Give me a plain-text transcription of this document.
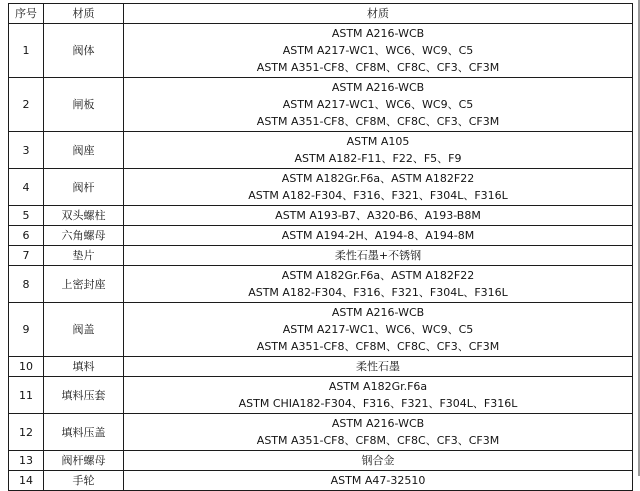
序号	材质	材质
1	阀体	ASTM A216-WCB
ASTM A217-WC1、WC6、WC9、C5
ASTM A351-CF8、CF8M、CF8C、CF3、CF3M

2	闸板	ASTM A216-WCB
ASTM A217-WC1、WC6、WC9、C5
ASTM A351-CF8、CF8M、CF8C、CF3、CF3M

3	阀座	ASTM A105
ASTM A182-F11、F22、F5、F9

4	阀杆	ASTM A182Gr.F6a、ASTM A182F22
ASTM A182-F304、F316、F321、F304L、F316L

5	双头螺柱	ASTM A193-B7、A320-B6、A193-B8M

6	六角螺母	ASTM A194-2H、A194-8、A194-8M

7	垫片	柔性石墨+不锈钢

8	上密封座	ASTM A182Gr.F6a、ASTM A182F22
ASTM A182-F304、F316、F321、F304L、F316L

9	阀盖	ASTM A216-WCB
ASTM A217-WC1、WC6、WC9、C5
ASTM A351-CF8、CF8M、CF8C、CF3、CF3M

10	填料	柔性石墨

11	填料压套	ASTM A182Gr.F6a
ASTM CHIA182-F304、F316、F321、F304L、F316L

12	填料压盖	ASTM A216-WCB
ASTM A351-CF8、CF8M、CF8C、CF3、CF3M

13	阀杆螺母	钢合金

14	手轮	ASTM A47-32510
